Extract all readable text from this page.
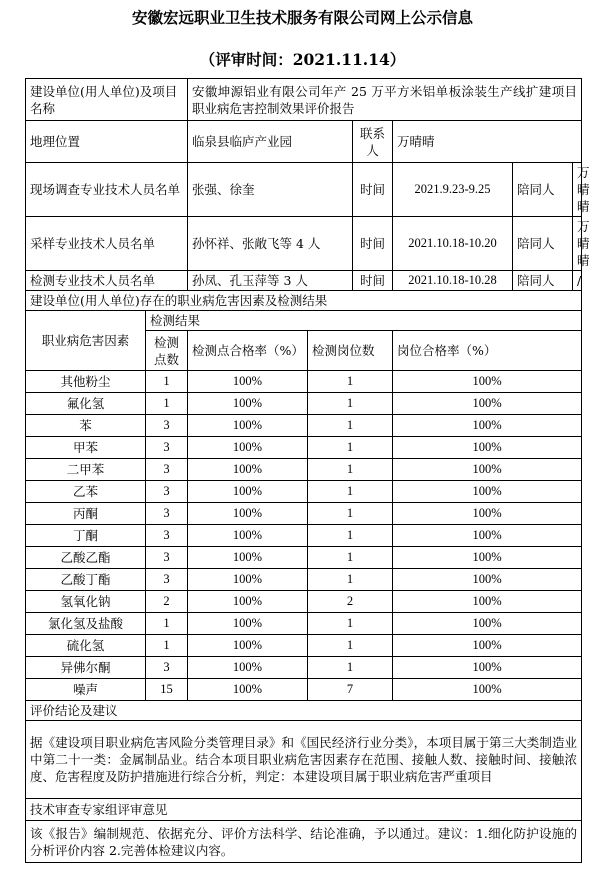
安徽宏远职业卫生技术服务有限公司网上公示信息
（评审时间：2021.11.14）
建设单位(用人单位)及项目名称		安徽坤源铝业有限公司年产 25 万平方米铝单板涂装生产线扩建项目职业病危害控制效果评价报告					
地理位置		临泉县临庐产业园		联系人	万晴晴		
现场调查专业技术人员名单		张强、徐奎		时间	2021.9.23-9.25	陪同人	万晴晴
采样专业技术人员名单		孙怀祥、张敞飞等 4 人		时间	2021.10.18-10.20	陪同人	万晴晴
检测专业技术人员名单		孙凤、孔玉萍等 3 人		时间	2021.10.18-10.28	陪同人	/
建设单位(用人单位)存在的职业病危害因素及检测结果							
职业病危害因素	检测结果						
	检测点数	检测点合格率（%）	检测岗位数		岗位合格率（%）		
其他粉尘	1	100%	1		100%		
氟化氢	1	100%	1		100%		
苯	3	100%	1		100%		
甲苯	3	100%	1		100%		
二甲苯	3	100%	1		100%		
乙苯	3	100%	1		100%		
丙酮	3	100%	1		100%		
丁酮	3	100%	1		100%		
乙酸乙酯	3	100%	1		100%		
乙酸丁酯	3	100%	1		100%		
氢氧化钠	2	100%	2		100%		
氯化氢及盐酸	1	100%	1		100%		
硫化氢	1	100%	1		100%		
异佛尔酮	3	100%	1		100%		
噪声	15	100%	7		100%		
评价结论及建议							
据《建设项目职业病危害风险分类管理目录》和《国民经济行业分类》，本项目属于第三大类制造业中第二十一类：金属制品业。结合本项目职业病危害因素存在范围、接触人数、接触时间、接触浓度、危害程度及防护措施进行综合分析，判定：本建设项目属于职业病危害严重项目							
技术审查专家组评审意见							
该《报告》编制规范、依据充分、评价方法科学、结论准确，予以通过。建议：1.细化防护设施的分析评价内容 2.完善体检建议内容。							
